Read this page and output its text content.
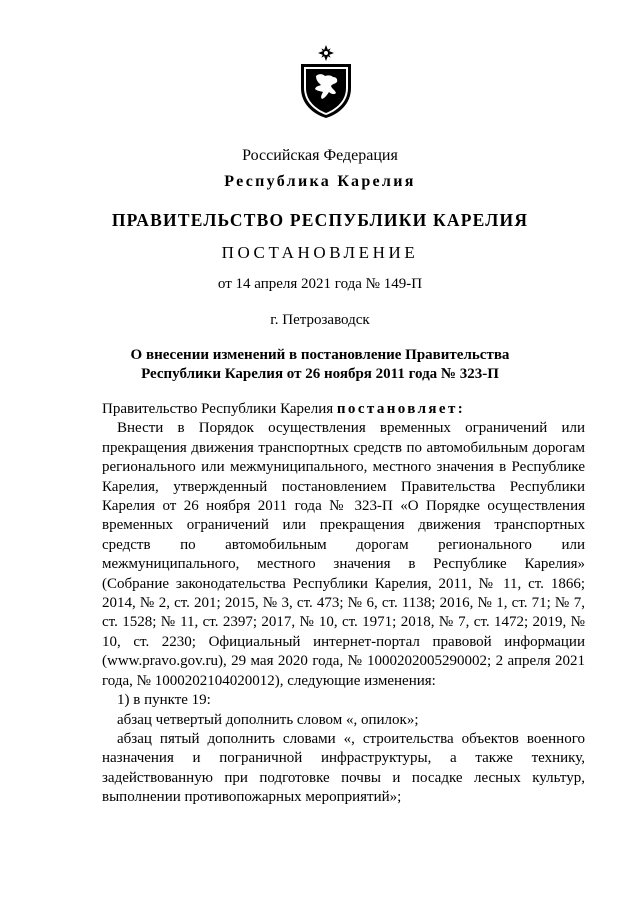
Российская Федерация
Республика Карелия
ПРАВИТЕЛЬСТВО РЕСПУБЛИКИ КАРЕЛИЯ
ПОСТАНОВЛЕНИЕ
от 14 апреля 2021 года № 149-П
г. Петрозаводск
О внесении изменений в постановление Правительства
Республики Карелия от 26 ноября 2011 года № 323-П

Правительство Республики Карелия постановляет:

Внести в Порядок осуществления временных ограничений или прекращения движения транспортных средств по автомобильным дорогам регионального или межмуниципального, местного значения в Республике Карелия, утвержденный постановлением Правительства Республики Карелия от 26 ноября 2011 года № 323-П «О Порядке осуществления временных ограничений или прекращения движения транспортных средств по автомобильным дорогам регионального или межмуниципального, местного значения в Республике Карелия» (Собрание законодательства Республики Карелия, 2011, № 11, ст. 1866; 2014, № 2, ст. 201; 2015, № 3, ст. 473; № 6, ст. 1138; 2016, № 1, ст. 71; № 7, ст. 1528; № 11, ст. 2397; 2017, № 10, ст. 1971; 2018, № 7, ст. 1472; 2019, № 10, ст. 2230; Официальный интернет-портал правовой информации (www.pravo.gov.ru), 29 мая 2020 года, № 1000202005290002; 2 апреля 2021 года, № 1000202104020012), следующие изменения:

1) в пункте 19:

абзац четвертый дополнить словом «, опилок»;

абзац пятый дополнить словами «, строительства объектов военного назначения и пограничной инфраструктуры, а также технику, задействованную при подготовке почвы и посадке лесных культур, выполнении противопожарных мероприятий»;
